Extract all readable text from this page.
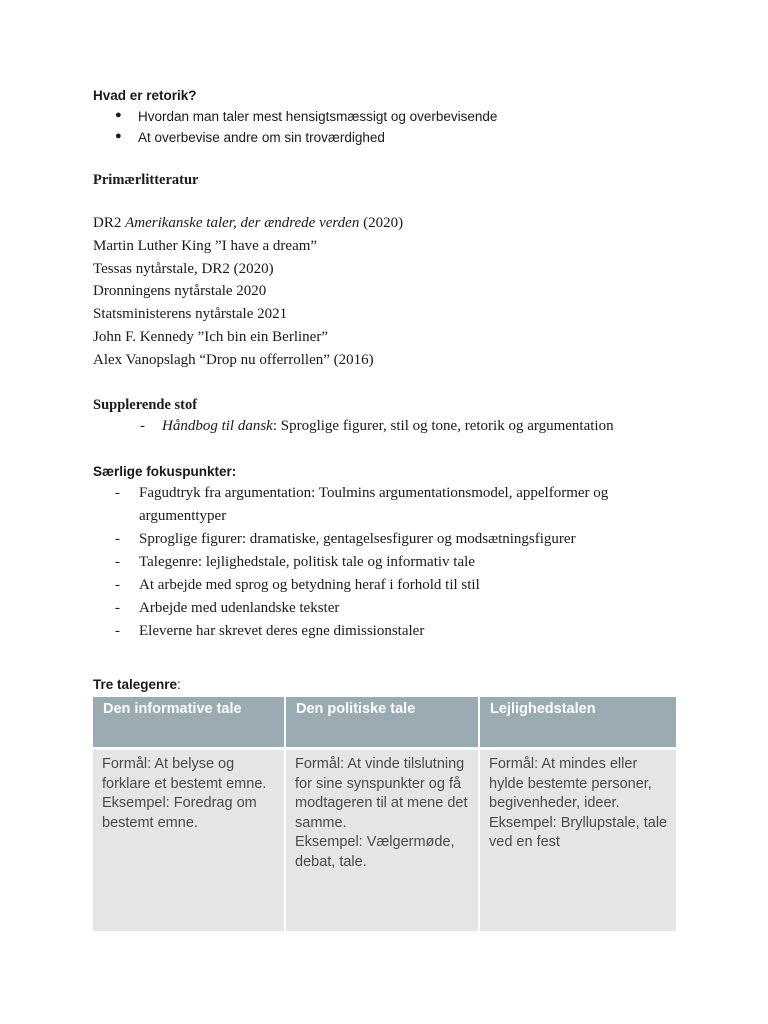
Hvad er retorik?
● Hvordan man taler mest hensigtsmæssigt og overbevisende
● At overbevise andre om sin troværdighed
Primærlitteratur
DR2 Amerikanske taler, der ændrede verden (2020)
Martin Luther King ”I have a dream”
Tessas nytårstale, DR2 (2020)
Dronningens nytårstale 2020
Statsministerens nytårstale 2021
John F. Kennedy ”Ich bin ein Berliner”
Alex Vanopslagh “Drop nu offerrollen” (2016)
Supplerende stof
- Håndbog til dansk: Sproglige figurer, stil og tone, retorik og argumentation
Særlige fokuspunkter:
- Fagudtryk fra argumentation: Toulmins argumentationsmodel, appelformer og argumenttyper
- Sproglige figurer: dramatiske, gentagelsesfigurer og modsætningsfigurer
- Talegenre: lejlighedstale, politisk tale og informativ tale
- At arbejde med sprog og betydning heraf i forhold til stil
- Arbejde med udenlandske tekster
- Eleverne har skrevet deres egne dimissionstaler
Tre talegenre:
Den informative tale	Den politiske tale	Lejlighedstalen

Formål: At belyse og forklare et bestemt emne.
Eksempel: Foredrag om bestemt emne.	Formål: At vinde tilslutning for sine synspunkter og få modtageren til at mene det samme.
Eksempel: Vælgermøde, debat, tale.	Formål: At mindes eller hylde bestemte personer, begivenheder, ideer.
Eksempel: Bryllupstale, tale ved en fest
